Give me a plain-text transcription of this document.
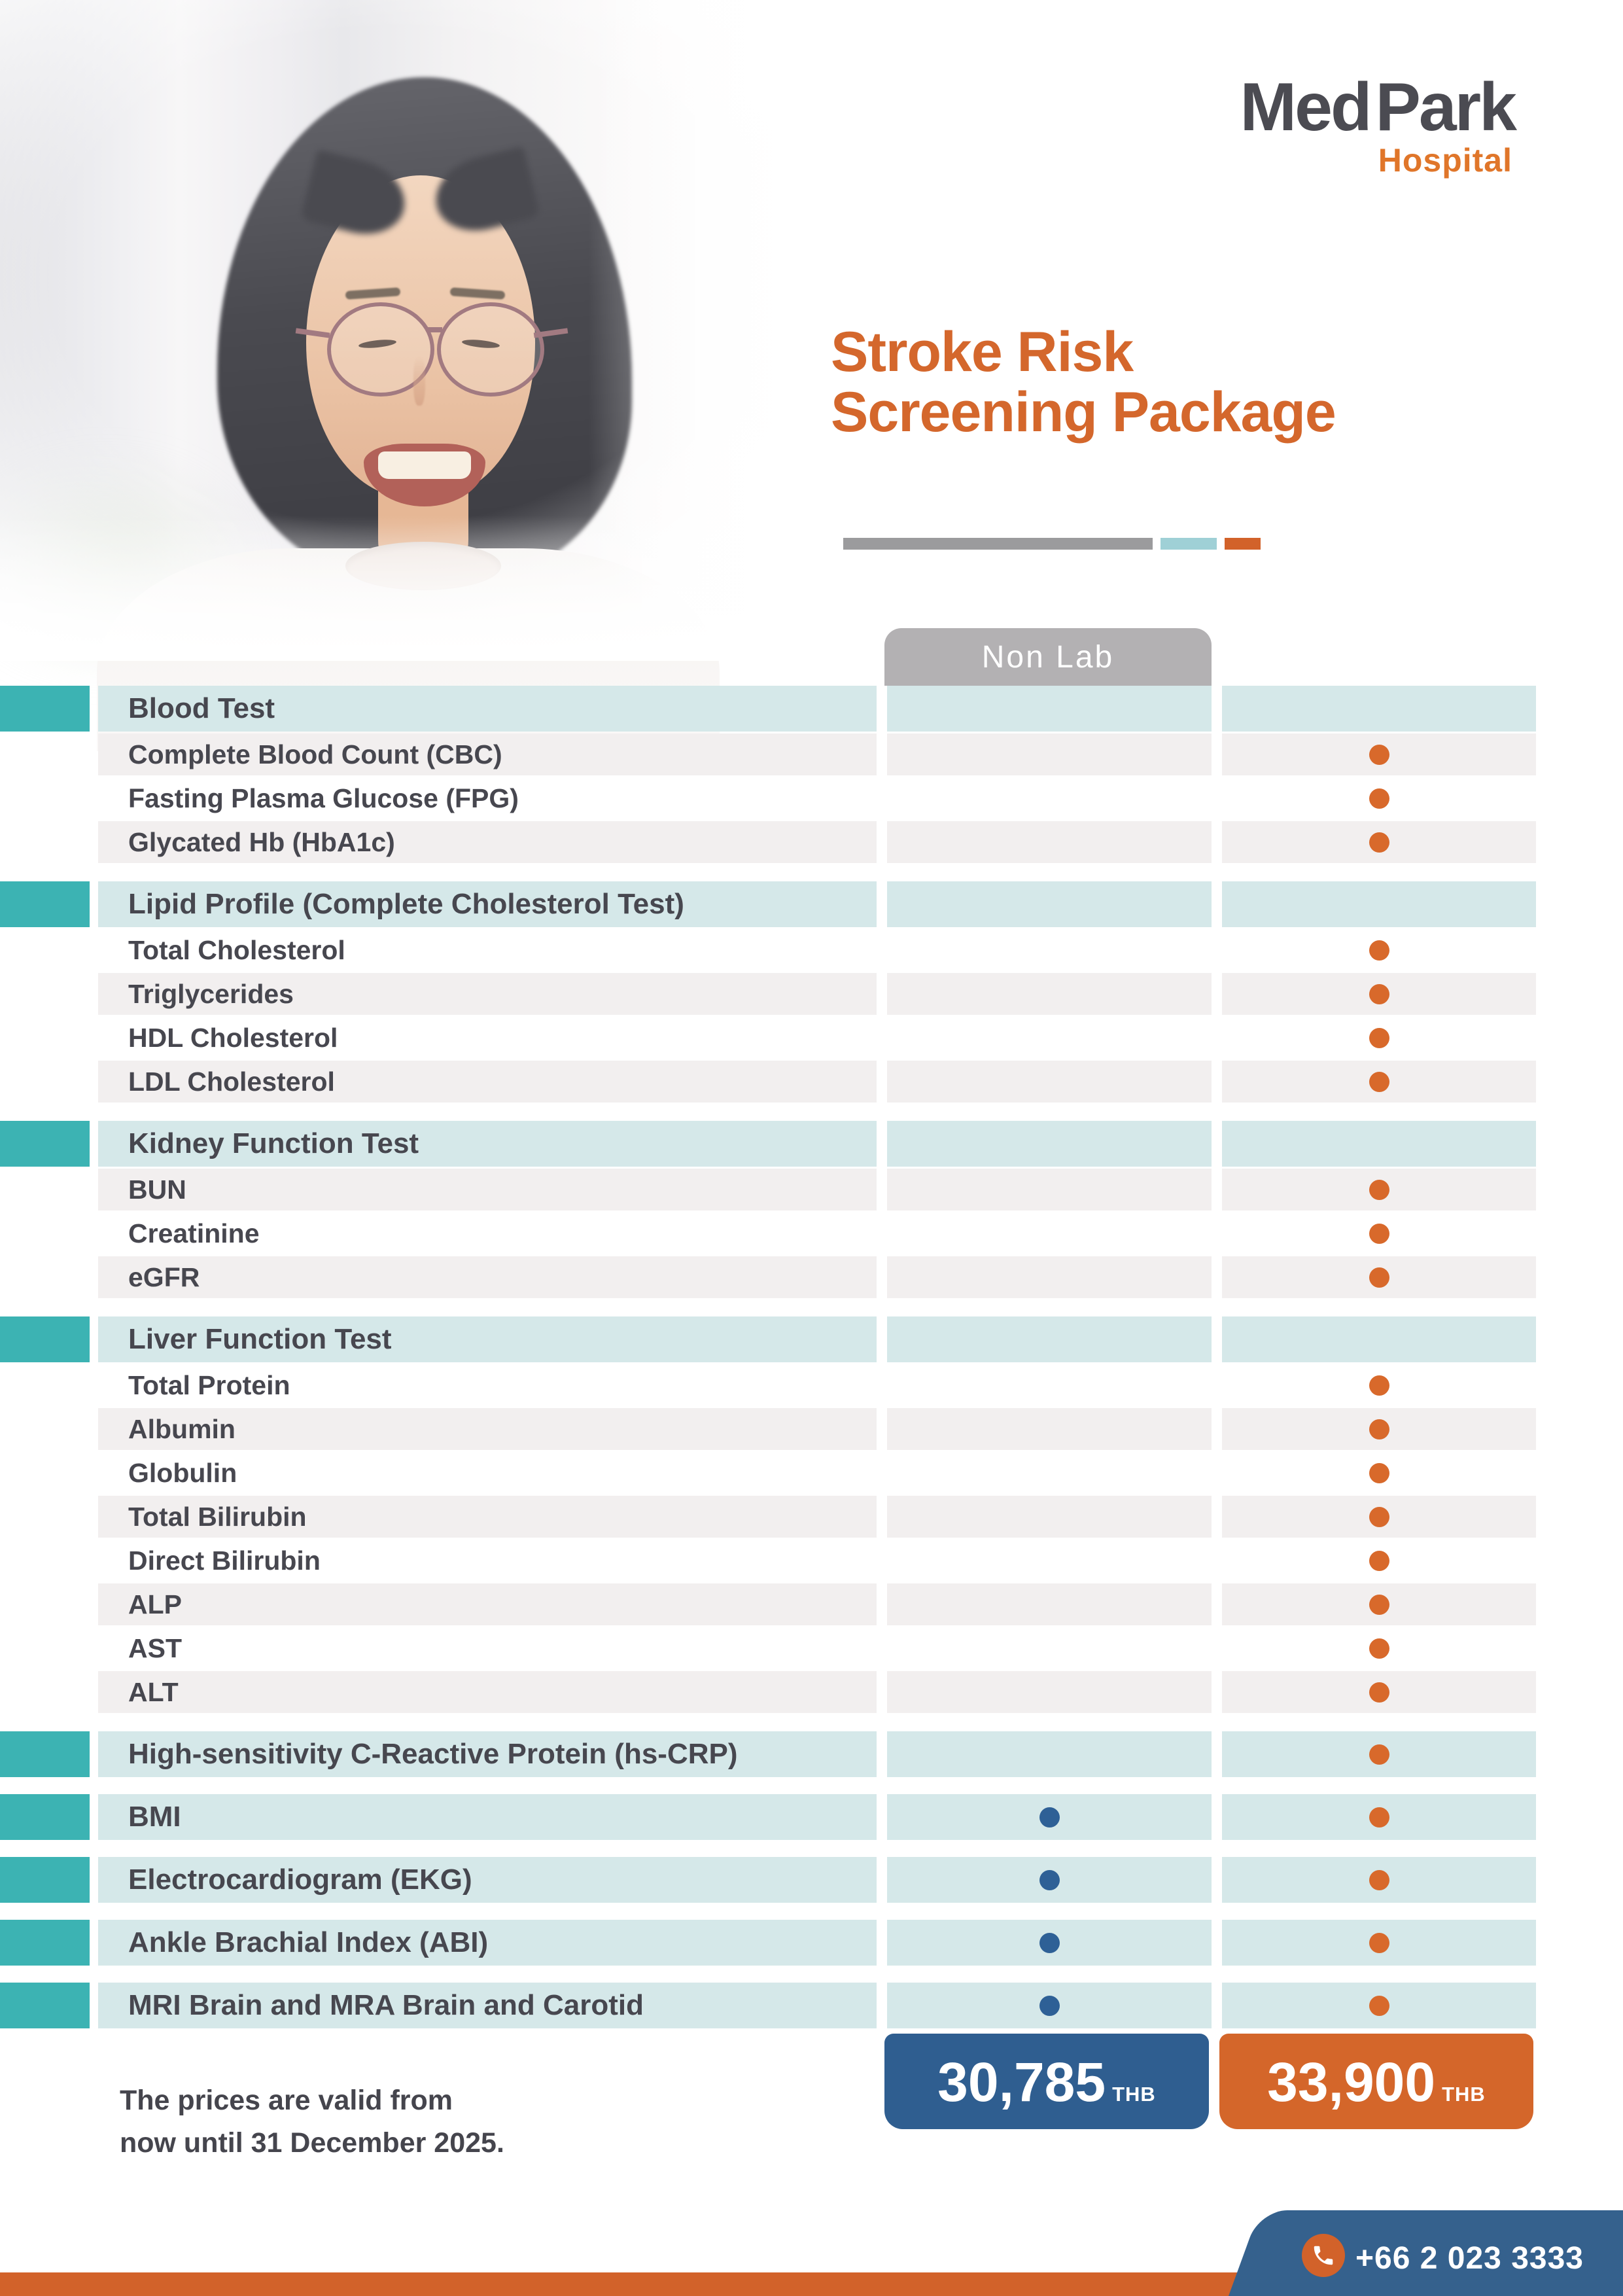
MedPark
Hospital
Stroke Risk
Screening Package
Non Lab
Blood Test
Complete Blood Count (CBC)
Fasting Plasma Glucose (FPG)
Glycated Hb (HbA1c)
Lipid Profile (Complete Cholesterol Test)
Total Cholesterol
Triglycerides
HDL Cholesterol
LDL Cholesterol
Kidney Function Test
BUN
Creatinine
eGFR
Liver Function Test
Total Protein
Albumin
Globulin
Total Bilirubin
Direct Bilirubin
ALP
AST
ALT
High-sensitivity C-Reactive Protein (hs-CRP)
BMI
Electrocardiogram (EKG)
Ankle Brachial Index (ABI)
MRI Brain and MRA Brain and Carotid
30,785 THB 33,900 THB
The prices are valid from
now until 31 December 2025.
+66 2 023 3333
